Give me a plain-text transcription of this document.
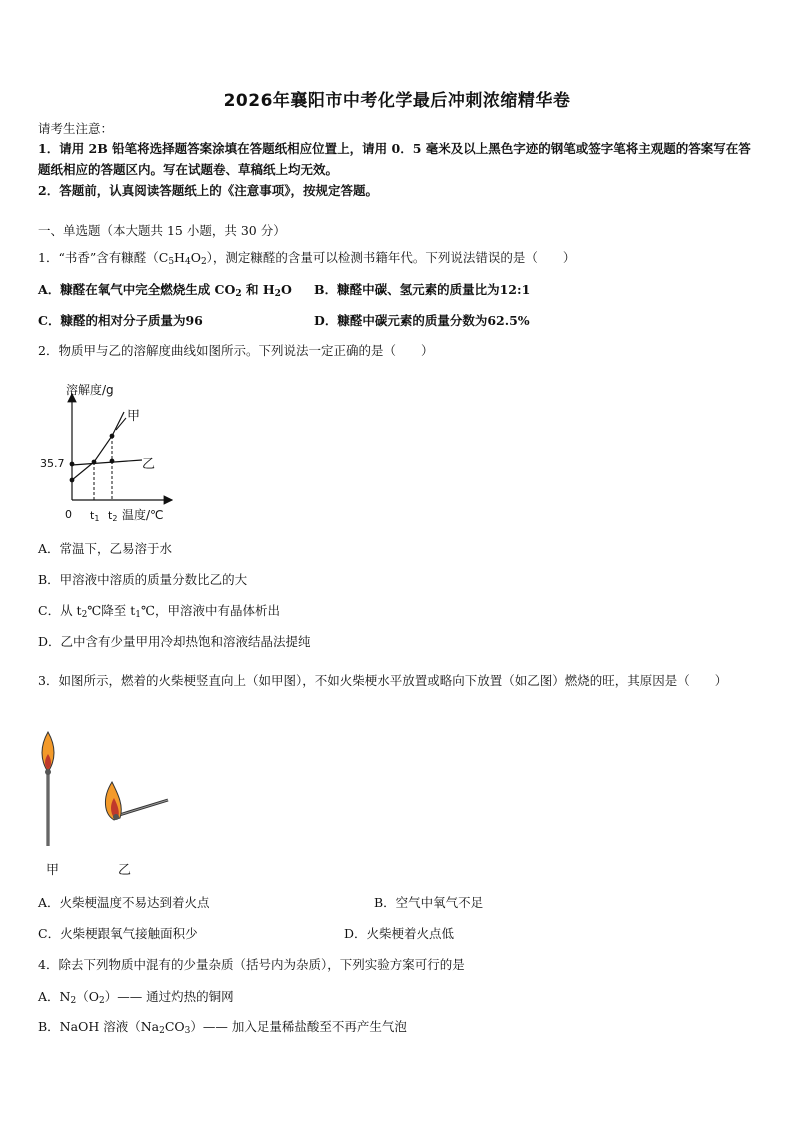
2026年襄阳市中考化学最后冲刺浓缩精华卷
请考生注意：
1．请用 2B 铅笔将选择题答案涂填在答题纸相应位置上，请用 0．5 毫米及以上黑色字迹的钢笔或签字笔将主观题的答案写在答题纸相应的答题区内。写在试题卷、草稿纸上均无效。
2．答题前，认真阅读答题纸上的《注意事项》，按规定答题。
一、单选题（本大题共 15 小题，共 30 分）
1．“书香”含有糠醛$(C_5H_4O_2)$，测定糠醛的含量可以检测书籍年代。下列说法错误的是（　　）
A．糠醛在氧气中完全燃烧生成 $CO_2$ 和 $H_2O$ B．糠醛中碳、氢元素的质量比为12:1
C．糠醛的相对分子质量为96	D．糠醛中碳元素的质量分数为62.5%
2．物质甲与乙的溶解度曲线如图所示。下列说法一定正确的是（　　）
溶解度/g
温度/℃
0
35.7
t1 t2
甲
乙
A．常温下，乙易溶于水
B．甲溶液中溶质的质量分数比乙的大
C．从 $t_2℃$降至 $t_1℃$，甲溶液中有晶体析出
D．乙中含有少量甲用冷却热饱和溶液结晶法提纯
3．如图所示，燃着的火柴梗竖直向上（如甲图），不如火柴梗水平放置或略向下放置（如乙图）燃烧的旺，其原因是（　　）
甲	乙
A．火柴梗温度不易达到着火点	B．空气中氧气不足
C．火柴梗跟氧气接触面积少	D．火柴梗着火点低
4．除去下列物质中混有的少量杂质（括号内为杂质），下列实验方案可行的是
A．$N_2(O_2)——$ 通过灼热的铜网
B．NaOH 溶液$(Na_2CO_3)——$ 加入足量稀盐酸至不再产生气泡
